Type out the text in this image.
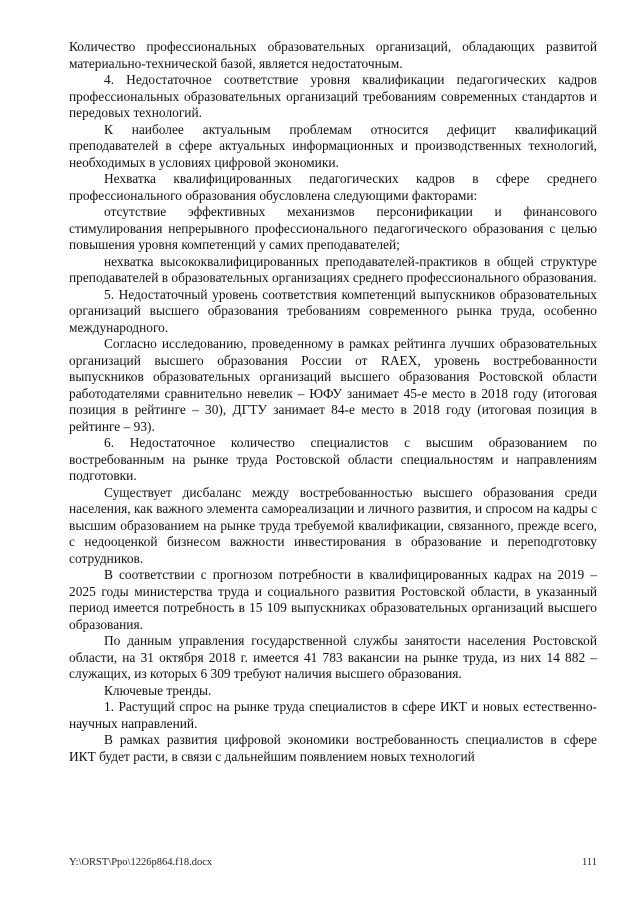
Количество профессиональных образовательных организаций, обладающих развитой материально-технической базой, является недостаточным.

4. Недостаточное соответствие уровня квалификации педагогических кадров профессиональных образовательных организаций требованиям современных стандартов и передовых технологий.

К наиболее актуальным проблемам относится дефицит квалификаций преподавателей в сфере актуальных информационных и производственных технологий, необходимых в условиях цифровой экономики.

Нехватка квалифицированных педагогических кадров в сфере среднего профессионального образования обусловлена следующими факторами:

отсутствие эффективных механизмов персонификации и финансового стимулирования непрерывного профессионального педагогического образования с целью повышения уровня компетенций у самих преподавателей;

нехватка высококвалифицированных преподавателей-практиков в общей структуре преподавателей в образовательных организациях среднего профессионального образования.

5. Недостаточный уровень соответствия компетенций выпускников образовательных организаций высшего образования требованиям современного рынка труда, особенно международного.

Согласно исследованию, проведенному в рамках рейтинга лучших образовательных организаций высшего образования России от RAEX, уровень востребованности выпускников образовательных организаций высшего образования Ростовской области работодателями сравнительно невелик – ЮФУ занимает 45-е место в 2018 году (итоговая позиция в рейтинге – 30), ДГТУ занимает 84-е место в 2018 году (итоговая позиция в рейтинге – 93).

6. Недостаточное количество специалистов с высшим образованием по востребованным на рынке труда Ростовской области специальностям и направлениям подготовки.

Существует дисбаланс между востребованностью высшего образования среди населения, как важного элемента самореализации и личного развития, и спросом на кадры с высшим образованием на рынке труда требуемой квалификации, связанного, прежде всего, с недооценкой бизнесом важности инвестирования в образование и переподготовку сотрудников.

В соответствии с прогнозом потребности в квалифицированных кадрах на 2019 – 2025 годы министерства труда и социального развития Ростовской области, в указанный период имеется потребность в 15 109 выпускниках образовательных организаций высшего образования.

По данным управления государственной службы занятости населения Ростовской области, на 31 октября 2018 г. имеется 41 783 вакансии на рынке труда, из них 14 882 – служащих, из которых 6 309 требуют наличия высшего образования.

Ключевые тренды.

1. Растущий спрос на рынке труда специалистов в сфере ИКТ и новых естественно-научных направлений.

В рамках развития цифровой экономики востребованность специалистов в сфере ИКТ будет расти, в связи с дальнейшим появлением новых технологий

Y:\ORST\Ppo\1226p864.f18.docx	111
